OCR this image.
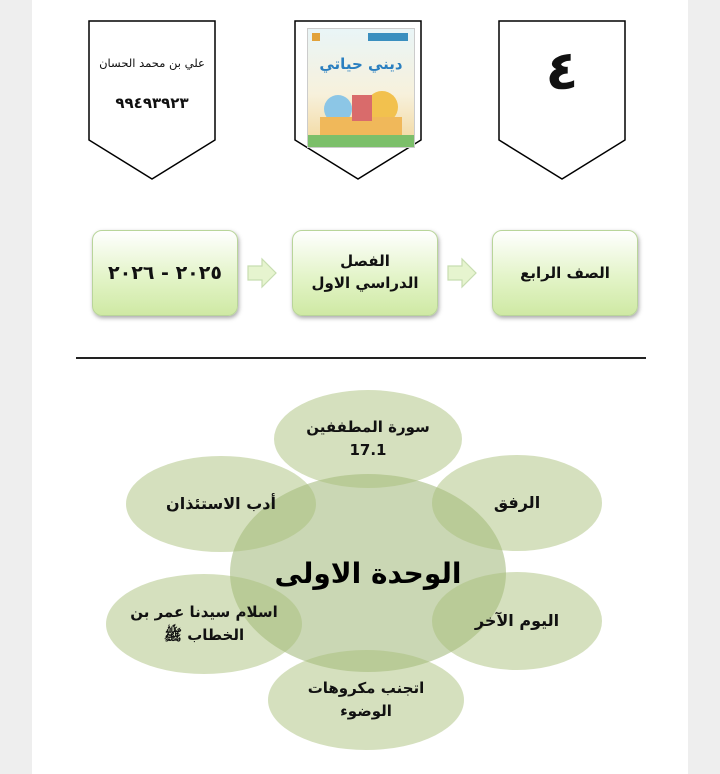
علي بن محمد الحسان
٩٩٤٩٣٩٢٣
ديني حياتي	٤
الصف الرابع
الفصل الدراسي الاول
٢٠٢٥ - ٢٠٢٦
الوحدة الاولى
سورة المطففين 17.1
الرفق
اليوم الآخر
اتجنب مكروهات الوضوء
اسلام سيدنا عمر بن الخطاب ﷺ
أدب الاستئذان
